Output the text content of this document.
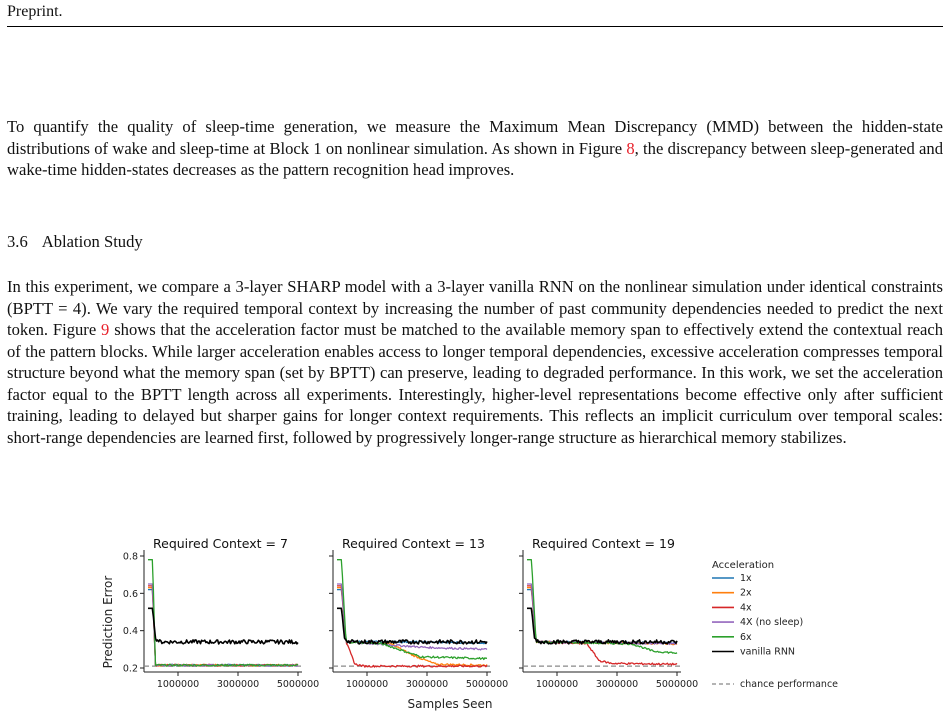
Preprint.

To quantify the quality of sleep-time generation, we measure the Maximum Mean Discrepancy (MMD) between the hidden-state distributions of wake and sleep-time at Block 1 on nonlinear simulation. As shown in Figure 8, the discrepancy between sleep-generated and wake-time hidden-states decreases as the pattern recognition head improves.

3.6 Ablation Study

In this experiment, we compare a 3-layer SHARP model with a 3-layer vanilla RNN on the nonlinear simulation under identical constraints (BPTT = 4). We vary the required temporal context by increasing the number of past community dependencies needed to predict the next token. Figure 9 shows that the acceleration factor must be matched to the available memory span to effectively extend the contextual reach of the pattern blocks. While larger acceleration enables access to longer temporal dependencies, excessive acceleration compresses temporal structure beyond what the memory span (set by BPTT) can preserve, leading to degraded performance. In this work, we set the acceleration factor equal to the BPTT length across all experiments. Interestingly, higher-level representations become effective only after sufficient training, leading to delayed but sharper gains for longer context requirements. This reflects an implicit curriculum over temporal scales: short-range dependencies are learned first, followed by progressively longer-range structure as hierarchical memory stabilizes.

Required Context = 7
0.2
0.4
0.6
0.8
1000000 3000000 5000000
Required Context = 13
1000000 3000000 5000000
Required Context = 19
1000000 3000000 5000000
Prediction Error
Samples Seen
Acceleration
1x
2x
4x
4X (no sleep)
6x
vanilla RNN
chance performance
